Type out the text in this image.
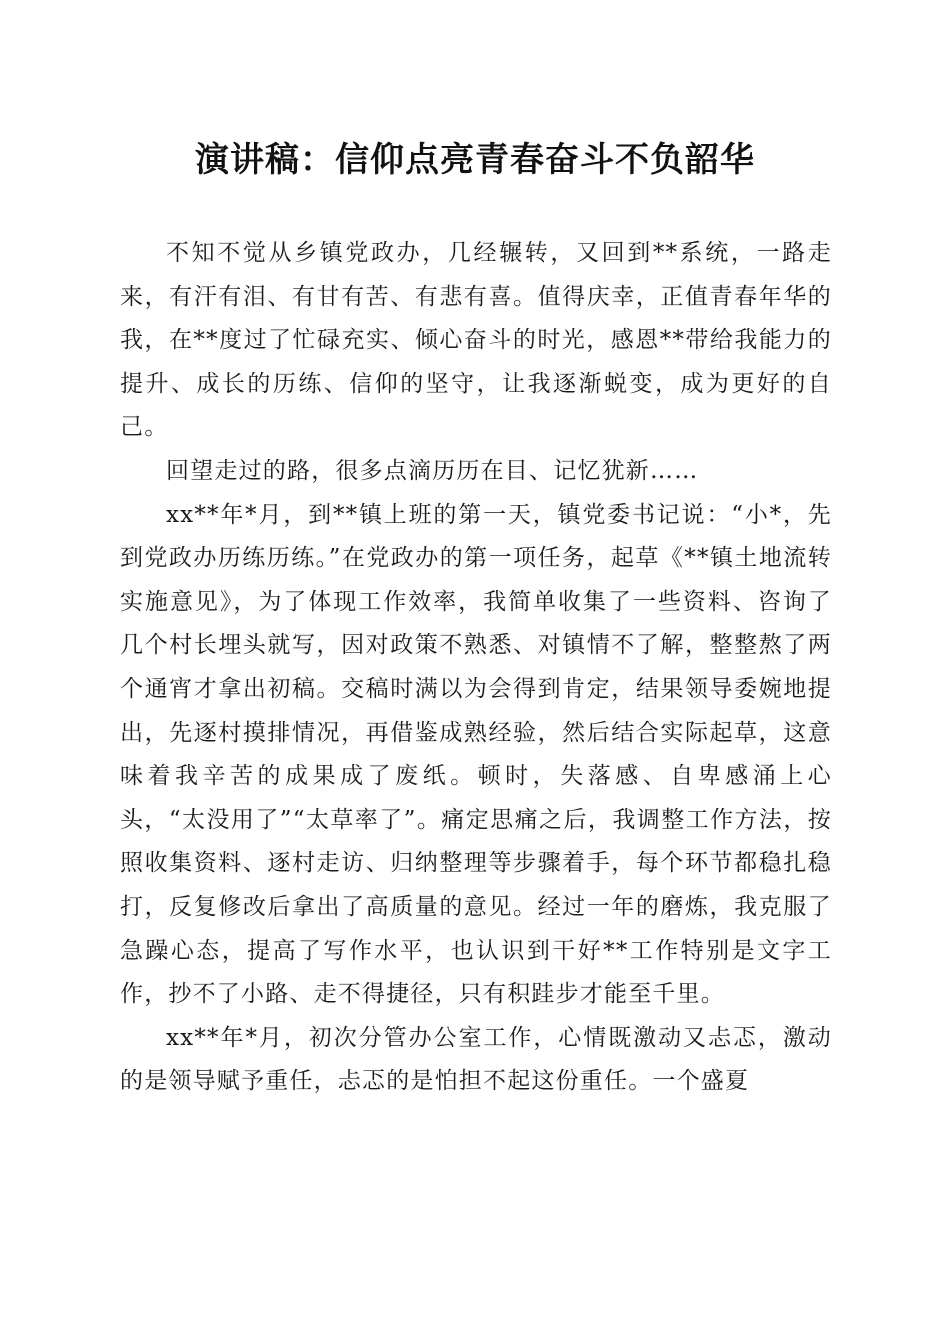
演讲稿：信仰点亮青春奋斗不负韶华

不知不觉从乡镇党政办，几经辗转，又回到**系统，一路走来，有汗有泪、有甘有苦、有悲有喜。值得庆幸，正值青春年华的我，在**度过了忙碌充实、倾心奋斗的时光，感恩**带给我能力的提升、成长的历练、信仰的坚守，让我逐渐蜕变，成为更好的自己。

回望走过的路，很多点滴历历在目、记忆犹新……

xx**年*月，到**镇上班的第一天，镇党委书记说：“小*，先到党政办历练历练。”在党政办的第一项任务，起草《**镇土地流转实施意见》，为了体现工作效率，我简单收集了一些资料、咨询了几个村长埋头就写，因对政策不熟悉、对镇情不了解，整整熬了两个通宵才拿出初稿。交稿时满以为会得到肯定，结果领导委婉地提出，先逐村摸排情况，再借鉴成熟经验，然后结合实际起草，这意味着我辛苦的成果成了废纸。顿时，失落感、自卑感涌上心头，“太没用了”“太草率了”。痛定思痛之后，我调整工作方法，按照收集资料、逐村走访、归纳整理等步骤着手，每个环节都稳扎稳打，反复修改后拿出了高质量的意见。经过一年的磨炼，我克服了急躁心态，提高了写作水平，也认识到干好**工作特别是文字工作，抄不了小路、走不得捷径，只有积跬步才能至千里。

xx**年*月，初次分管办公室工作，心情既激动又忐忑，激动的是领导赋予重任，忐忑的是怕担不起这份重任。一个盛夏
